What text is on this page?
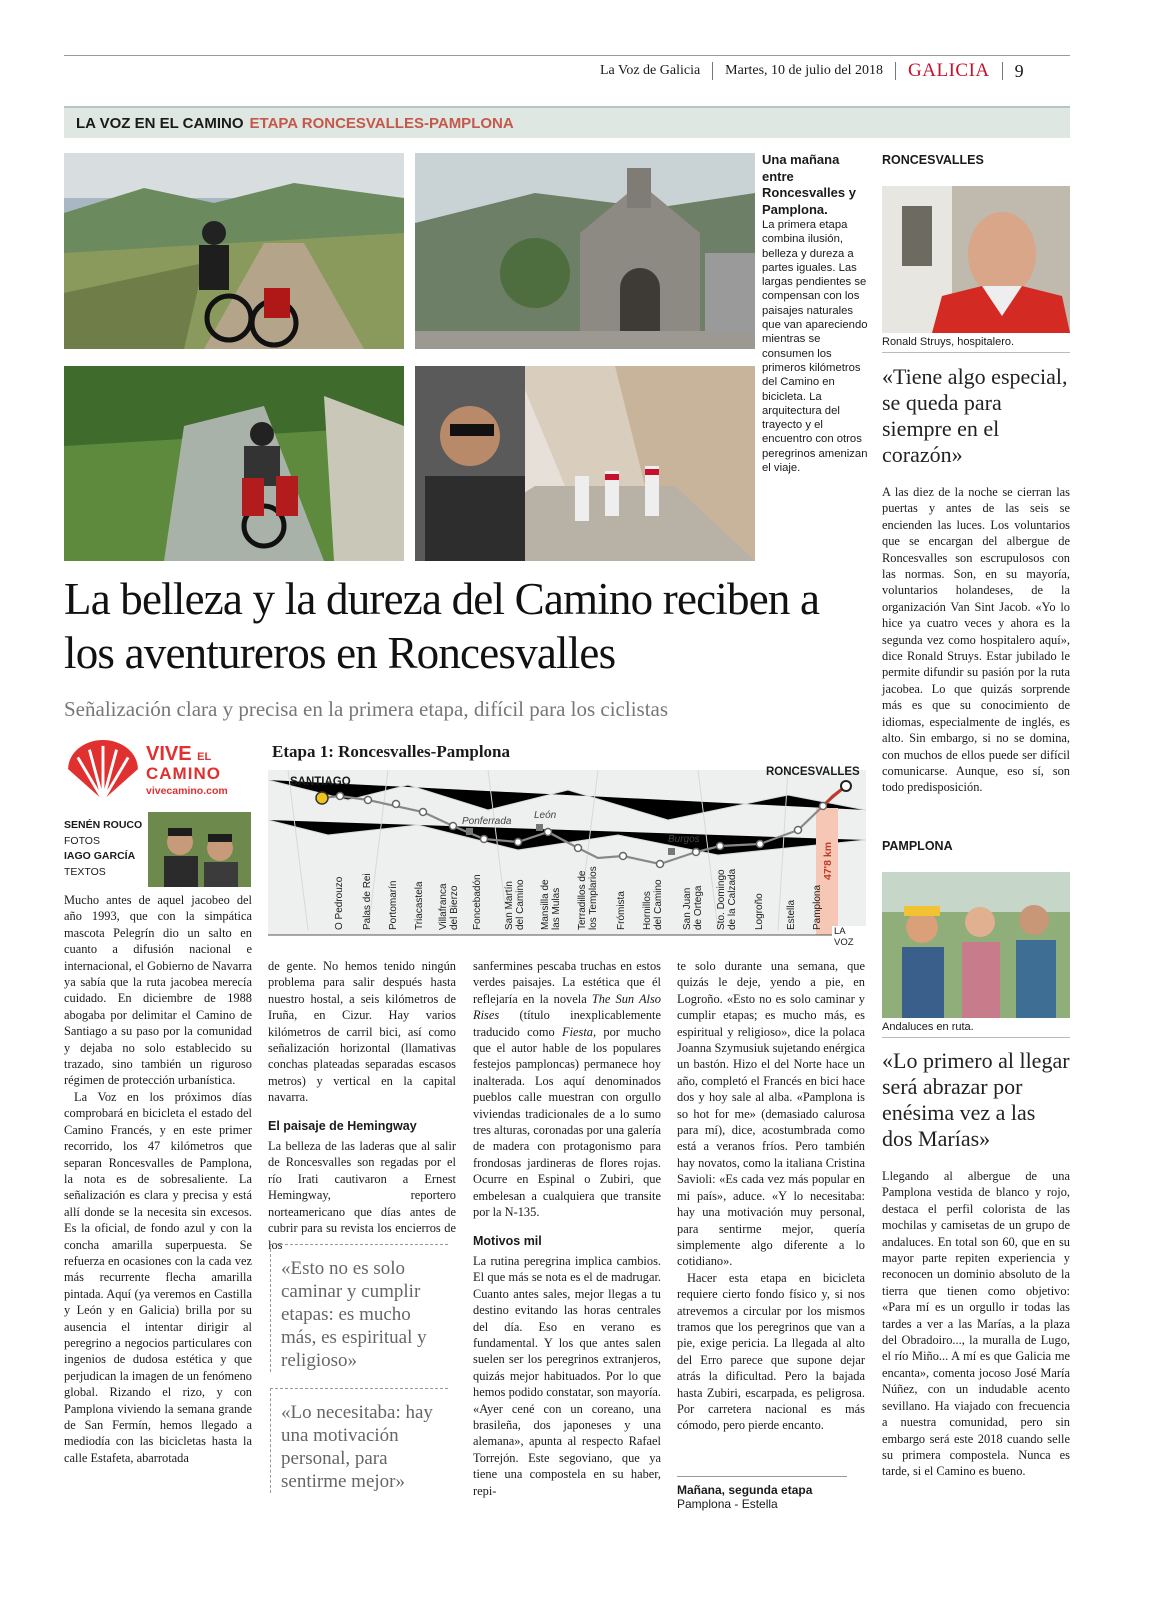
La Voz de Galicia Martes, 10 de julio del 2018 GALICIA 9
LA VOZ EN EL CAMINO ETAPA RONCESVALLES-PAMPLONA
Una mañana entre Roncesvalles y Pamplona.
La primera etapa combina ilusión, belleza y dureza a partes iguales. Las largas pendientes se compensan con los paisajes naturales que van apareciendo mientras se consumen los primeros kilómetros del Camino en bicicleta. La arquitectura del trayecto y el encuentro con otros peregrinos amenizan el viaje.
La belleza y la dureza del Camino reciben a los aventureros en Roncesvalles
Señalización clara y precisa en la primera etapa, difícil para los ciclistas
VIVE EL
CAMINO
vivecamino.com
SENÉN ROUCO
FOTOS
IAGO GARCÍA
TEXTOS
Etapa 1: Roncesvalles-Pamplona
SANTIAGO
RONCESVALLES
Ponferrada
León
Burgos
47'8 km
LA VOZ
O Pedrouzo Palas de Rei Portomarín Triacastela Villafranca
del Bierzo Foncebadón San Martín
del Camino Mansilla de
las Mulas Terradillos de
los Templarios Frómista Hornillos
del Camino
San Juan
de Ortega
Sto. Domingo
de la Calzada
Logroño Estella Pamplona

Mucho antes de aquel jacobeo del año 1993, que con la simpática mascota Pelegrín dio un salto en cuanto a difusión nacional e internacional, el Gobierno de Navarra ya sabía que la ruta jacobea merecía cuidado. En diciembre de 1988 abogaba por delimitar el Camino de Santiago a su paso por la comunidad y dejaba no solo establecido su trazado, sino también un riguroso régimen de protección urbanística.

La Voz en los próximos días comprobará en bicicleta el estado del Camino Francés, y en este primer recorrido, los 47 kilómetros que separan Roncesvalles de Pamplona, la nota es de sobresaliente. La señalización es clara y precisa y está allí donde se la necesita sin excesos. Es la oficial, de fondo azul y con la concha amarilla superpuesta. Se refuerza en ocasiones con la cada vez más recurrente flecha amarilla pintada. Aquí (ya veremos en Castilla y León y en Galicia) brilla por su ausencia el intentar dirigir al peregrino a negocios particulares con ingenios de dudosa estética y que perjudican la imagen de un fenómeno global. Rizando el rizo, y con Pamplona viviendo la semana grande de San Fermín, hemos llegado a mediodía con las bicicletas hasta la calle Estafeta, abarrotada

de gente. No hemos tenido ningún problema para salir después hasta nuestro hostal, a seis kilómetros de Iruña, en Cizur. Hay varios kilómetros de carril bici, así como señalización horizontal (llamativas conchas plateadas separadas escasos metros) y vertical en la capital navarra.

El paisaje de Hemingway

La belleza de las laderas que al salir de Roncesvalles son regadas por el río Irati cautivaron a Ernest Hemingway, reportero norteamericano que días antes de cubrir para su revista los encierros de los

«Esto no es solo caminar y cumplir etapas: es mucho más, es espiritual y religioso»
«Lo necesitaba: hay una motivación personal, para sentirme mejor»

sanfermines pescaba truchas en estos verdes paisajes. La estética que él reflejaría en la novela The Sun Also Rises (título inexplicablemente traducido como Fiesta, por mucho que el autor hable de los populares festejos pamploncas) permanece hoy inalterada. Los aquí denominados pueblos calle muestran con orgullo viviendas tradicionales de a lo sumo tres alturas, coronadas por una galería de madera con protagonismo para frondosas jardineras de flores rojas. Ocurre en Espinal o Zubiri, que embelesan a cualquiera que transite por la N-135.

Motivos mil

La rutina peregrina implica cambios. El que más se nota es el de madrugar. Cuanto antes sales, mejor llegas a tu destino evitando las horas centrales del día. Eso en verano es fundamental. Y los que antes salen suelen ser los peregrinos extranjeros, quizás mejor habituados. Por lo que hemos podido constatar, son mayoría. «Ayer cené con un coreano, una brasileña, dos japoneses y una alemana», apunta al respecto Rafael Torrejón. Este segoviano, que ya tiene una compostela en su haber, repi-

te solo durante una semana, que quizás le deje, yendo a pie, en Logroño. «Esto no es solo caminar y cumplir etapas; es mucho más, es espiritual y religioso», dice la polaca Joanna Szymusiuk sujetando enérgica un bastón. Hizo el del Norte hace un año, completó el Francés en bici hace dos y hoy sale al alba. «Pamplona is so hot for me» (demasiado calurosa para mí), dice, acostumbrada como está a veranos fríos. Pero también hay novatos, como la italiana Cristina Savioli: «Es cada vez más popular en mi país», aduce. «Y lo necesitaba: hay una motivación muy personal, para sentirme mejor, quería simplemente algo diferente a lo cotidiano».

Hacer esta etapa en bicicleta requiere cierto fondo físico y, si nos atrevemos a circular por los mismos tramos que los peregrinos que van a pie, exige pericia. La llegada al alto del Erro parece que supone dejar atrás la dificultad. Pero la bajada hasta Zubiri, escarpada, es peligrosa. Por carretera nacional es más cómodo, pero pierde encanto.

Mañana, segunda etapa
Pamplona - Estella
RONCESVALLES
Ronald Struys, hospitalero.
«Tiene algo especial, se queda para siempre en el corazón»
A las diez de la noche se cierran las puertas y antes de las seis se encienden las luces. Los voluntarios que se encargan del albergue de Roncesvalles son escrupulosos con las normas. Son, en su mayoría, voluntarios holandeses, de la organización Van Sint Jacob. «Yo lo hice ya cuatro veces y ahora es la segunda vez como hospitalero aquí», dice Ronald Struys. Estar jubilado le permite difundir su pasión por la ruta jacobea. Lo que quizás sorprende más es que su conocimiento de idiomas, especialmente de inglés, es alto. Sin embargo, si no se domina, con muchos de ellos puede ser difícil comunicarse. Aunque, eso sí, son todo predisposición.
PAMPLONA
Andaluces en ruta.
«Lo primero al llegar será abrazar por enésima vez a las dos Marías»
Llegando al albergue de una Pamplona vestida de blanco y rojo, destaca el perfil colorista de las mochilas y camisetas de un grupo de andaluces. En total son 60, que en su mayor parte repiten experiencia y reconocen un dominio absoluto de la tierra que tienen como objetivo: «Para mí es un orgullo ir todas las tardes a ver a las Marías, a la plaza del Obradoiro..., la muralla de Lugo, el río Miño... A mí es que Galicia me encanta», comenta jocoso José María Núñez, con un indudable acento sevillano. Ha viajado con frecuencia a nuestra comunidad, pero sin embargo será este 2018 cuando selle su primera compostela. Nunca es tarde, si el Camino es bueno.
